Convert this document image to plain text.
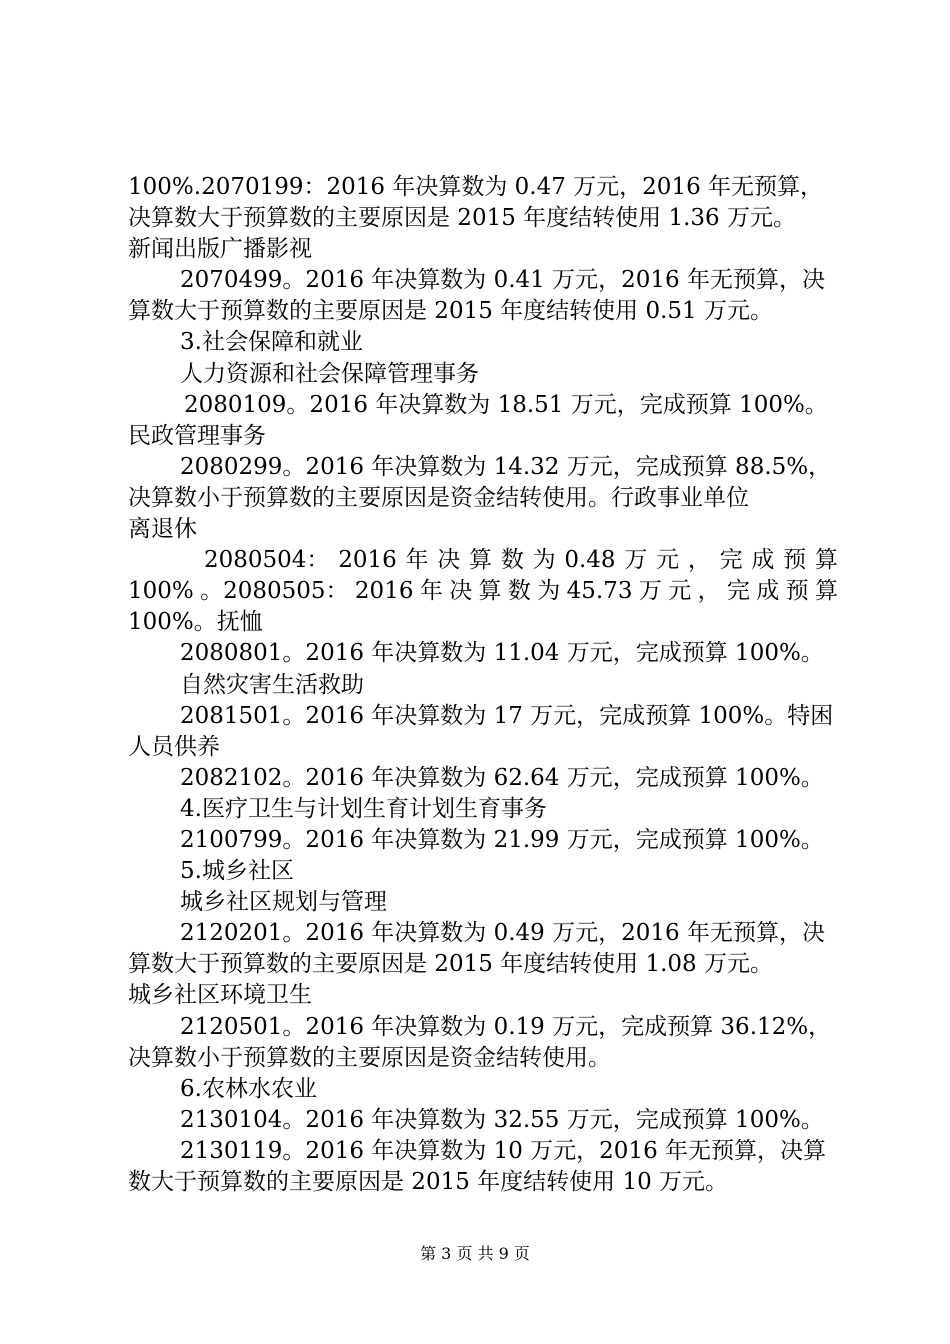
100%.2070199：2016 年决算数为 0.47 万元，2016 年无预算，
决算数大于预算数的主要原因是 2015 年度结转使用 1.36 万元。
新闻出版广播影视
2070499。2016 年决算数为 0.41 万元，2016 年无预算，决
算数大于预算数的主要原因是 2015 年度结转使用 0.51 万元。
3.社会保障和就业
人力资源和社会保障管理事务
2080109。2016 年决算数为 18.51 万元，完成预算 100%。
民政管理事务
2080299。2016 年决算数为 14.32 万元，完成预算 88.5%，
决算数小于预算数的主要原因是资金结转使用。行政事业单位
离退休
2080504： 2016 年 决 算 数 为 0.48 万 元 ， 完 成 预 算
100% 。2080505： 2016 年 决 算 数 为 45.73 万 元 ， 完 成 预 算
100%。抚恤
2080801。2016 年决算数为 11.04 万元，完成预算 100%。
自然灾害生活救助
2081501。2016 年决算数为 17 万元，完成预算 100%。特困
人员供养
2082102。2016 年决算数为 62.64 万元，完成预算 100%。
4.医疗卫生与计划生育计划生育事务
2100799。2016 年决算数为 21.99 万元，完成预算 100%。
5.城乡社区
城乡社区规划与管理
2120201。2016 年决算数为 0.49 万元，2016 年无预算，决
算数大于预算数的主要原因是 2015 年度结转使用 1.08 万元。
城乡社区环境卫生
2120501。2016 年决算数为 0.19 万元，完成预算 36.12%，
决算数小于预算数的主要原因是资金结转使用。
6.农林水农业
2130104。2016 年决算数为 32.55 万元，完成预算 100%。
2130119。2016 年决算数为 10 万元，2016 年无预算，决算
数大于预算数的主要原因是 2015 年度结转使用 10 万元。
第 3 页 共 9 页
